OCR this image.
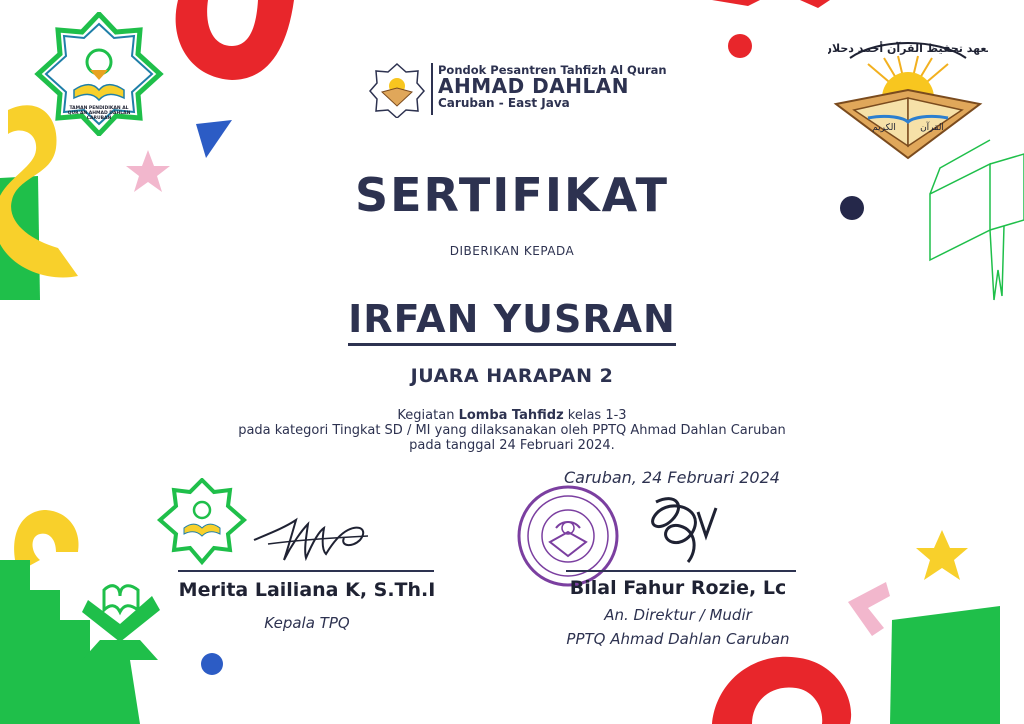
TAMAN PENDIDIKAN AL QUR'AN AHMAD DAHLAN CARUBAN
معهد تحفيظ القرآن أحمد دحلان
الكريم	القرآن
Pondok Pesantren Tahfizh Al Quran
AHMAD DAHLAN
Caruban - East Java
SERTIFIKAT
DIBERIKAN KEPADA
IRFAN YUSRAN
JUARA HARAPAN 2
Kegiatan Lomba Tahfidz kelas 1-3
pada kategori Tingkat SD / MI yang dilaksanakan oleh PPTQ Ahmad Dahlan Caruban
pada tanggal 24 Februari 2024.
Caruban, 24 Februari 2024
Merita Lailiana K, S.Th.I
Kepala TPQ
Bilal Fahur Rozie, Lc
An. Direktur / Mudir
PPTQ Ahmad Dahlan Caruban
